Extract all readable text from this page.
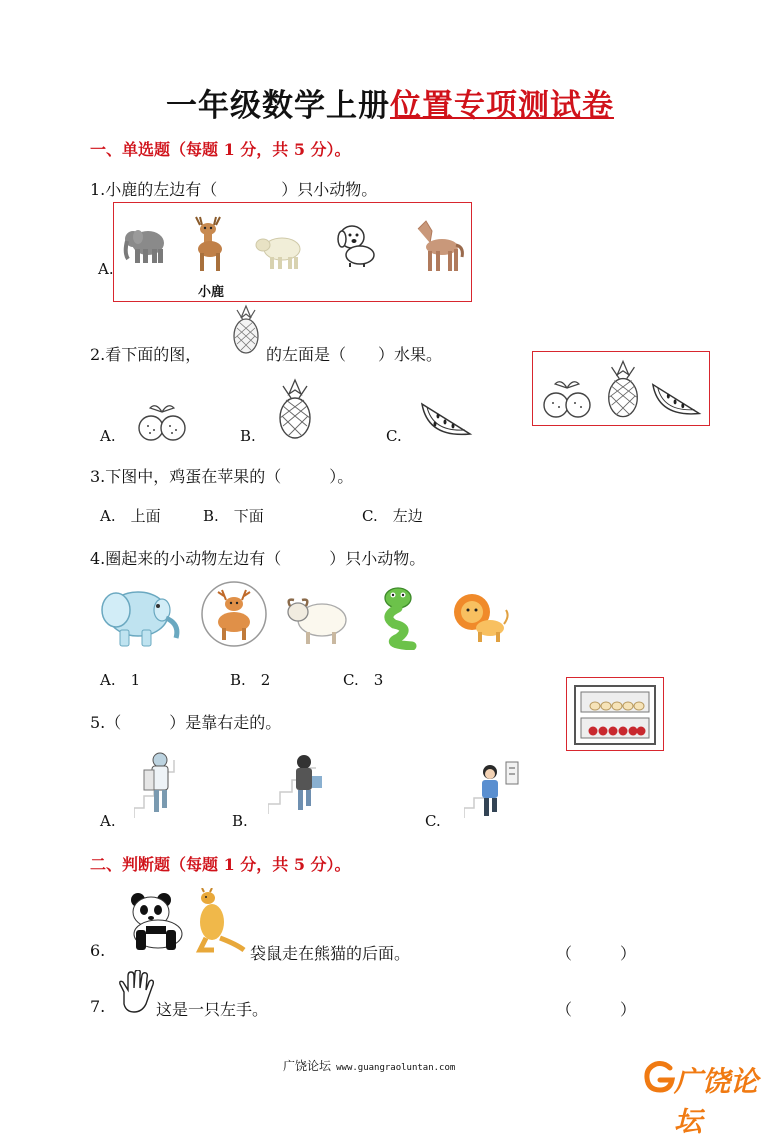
一年级数学上册位置专项测试卷
一、单选题（每题 1 分，共 5 分）。
1.小鹿的左边有（　　　　）只小动物。
A.
小鹿
2.看下面的图，	的左面是（　　）水果。
A.	B.	C.
3.下图中，鸡蛋在苹果的（　　　）。
A.　上面	B.　下面	C.　左边
4.圈起来的小动物左边有（　　　）只小动物。
A.　1	B.　2	C.　3
5.（　　　）是靠右走的。
A.	B.	C.
二、判断题（每题 1 分，共 5 分）。
6.	袋鼠走在熊猫的后面。	（　　　）
7.	这是一只左手。	（　　　）
广饶论坛 www.guangraoluntan.com	广饶论坛
